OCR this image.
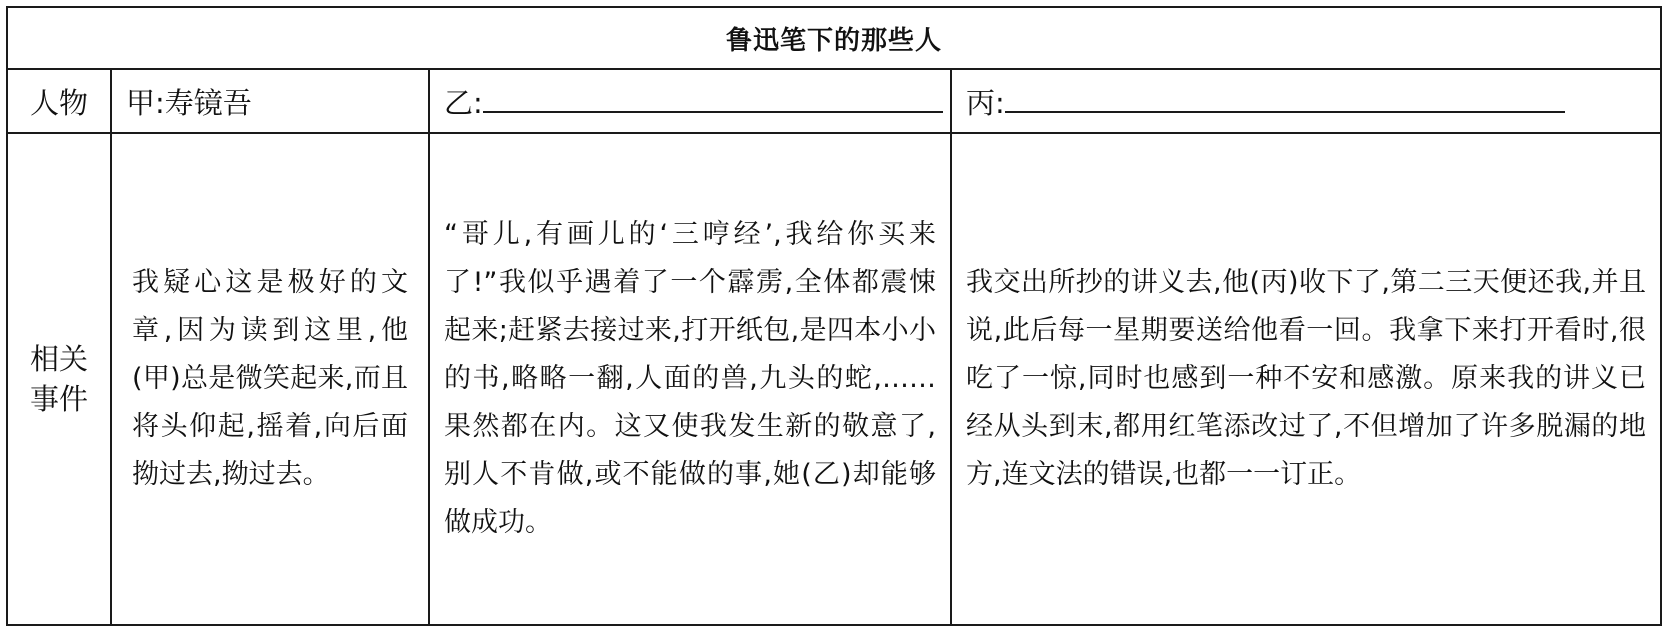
鲁迅笔下的那些人			
人物	甲:寿镜吾	乙:	丙:

相关
事件	我疑心这是极好的文章,因为读到这里,他(甲)总是微笑起来,而且将头仰起,摇着,向后面拗过去,拗过去。	“哥儿,有画儿的‘三哼经’,我给你买来了!”我似乎遇着了一个霹雳,全体都震悚起来;赶紧去接过来,打开纸包,是四本小小的书,略略一翻,人面的兽,九头的蛇,……果然都在内。这又使我发生新的敬意了,别人不肯做,或不能做的事,她(乙)却能够做成功。	我交出所抄的讲义去,他(丙)收下了,第二三天便还我,并且说,此后每一星期要送给他看一回。我拿下来打开看时,很吃了一惊,同时也感到一种不安和感激。原来我的讲义已经从头到末,都用红笔添改过了,不但增加了许多脱漏的地方,连文法的错误,也都一一订正。
